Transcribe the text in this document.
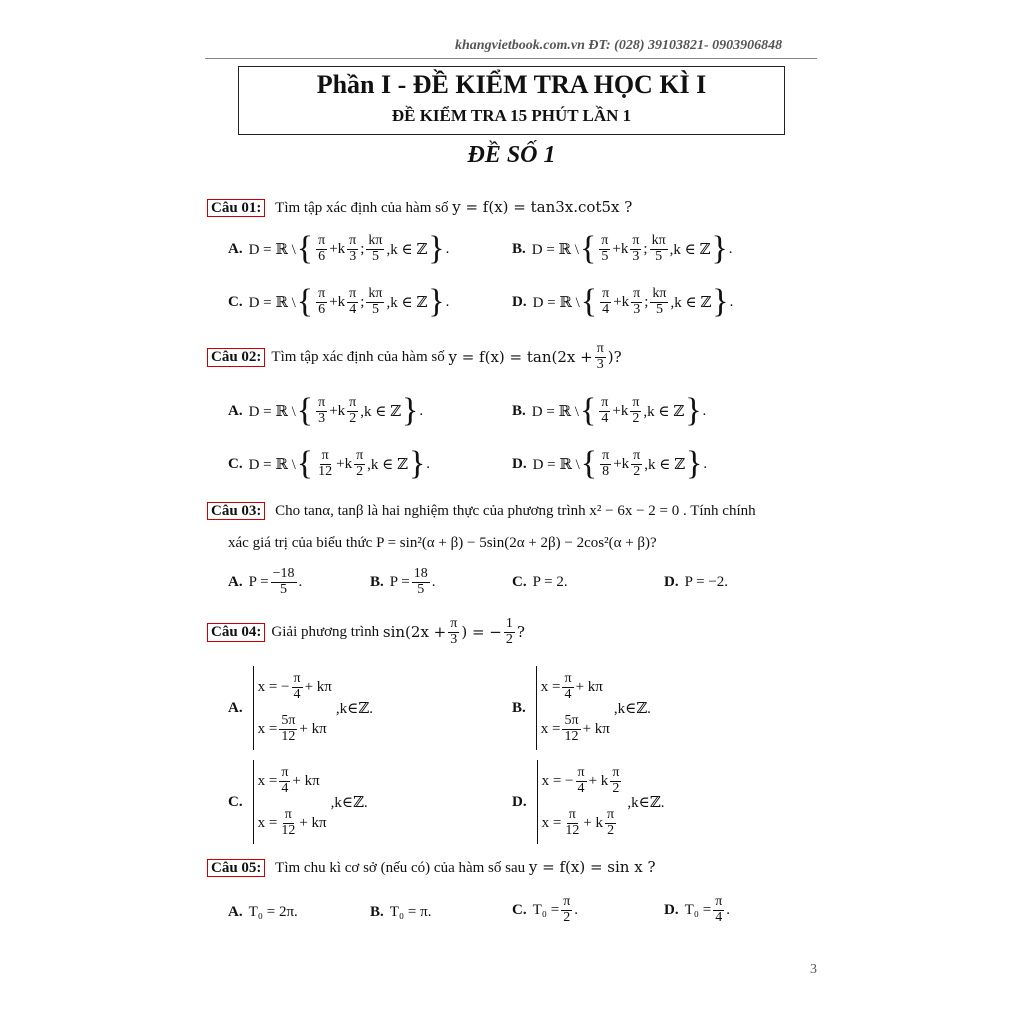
khangvietbook.com.vn ĐT: (028) 39103821- 0903906848
Phần I - ĐỀ KIỂM TRA HỌC KÌ I
ĐỀ KIỂM TRA 15 PHÚT LẦN 1
ĐỀ SỐ 1
Câu 01: Tìm tập xác định của hàm số y = f(x) = tan3x.cot5x ?
A. D = ℝ \ { $\frac{\pi}{6} +k \frac{\pi}{3}$ ; $\frac{k\pi}{5} ,k$ ∈ ℤ } .	B. D = ℝ \ { $\frac{\pi}{5} +k \frac{\pi}{3}$ ; $\frac{k\pi}{5} ,k$ ∈ ℤ } .
C. D = ℝ \ { $\frac{\pi}{6} +k \frac{\pi}{4}$ ; $\frac{k\pi}{5} ,k$ ∈ ℤ } .	D. D = ℝ \ { $\frac{\pi}{4} +k \frac{\pi}{3}$ ; $\frac{k\pi}{5} ,k$ ∈ ℤ } .
Câu 02: Tìm tập xác định của hàm số
$y = f(x) = \tan(2x + \frac{\pi}{3}$ )?
A. D = ℝ \ { $\frac{\pi}{3} +k \frac{\pi}{2} ,k$ ∈ ℤ } .	B. D = ℝ \ { $\frac{\pi}{4} +k \frac{\pi}{2} ,k$ ∈ ℤ } .
C. D = ℝ \ { $\frac{\pi}{12} +k \frac{\pi}{2} ,k$ ∈ ℤ } .	D. D = ℝ \ { $\frac{\pi}{8} +k \frac{\pi}{2} ,k$ ∈ ℤ } .
Câu 03: Cho tanα, tanβ là hai nghiệm thực của phương trình x² − 6x − 2 = 0 . Tính chính
xác giá trị của biểu thức P = sin²(α + β) − 5sin(2α + 2β) − 2cos²(α + β)?
A. $P = \frac{-18}{5}$ .	B. $P = \frac{18}{5}$ .	C. P = 2.	D. P = −2.
Câu 04: Giải phương trình
$\sin(2x + \frac{\pi}{3}$ ) = − $\frac{1}{2}$ ?
A.
x = − $\frac{\pi}{4} + k\pi$
$x = \frac{5\pi}{12} + k\pi$
,k∈ℤ.	B.
$x = \frac{\pi}{4} + k\pi$
$x = \frac{5\pi}{12} + k\pi$
,k∈ℤ.
C.
$x = \frac{\pi}{4} + k\pi$
$x = \frac{\pi}{12} + k\pi$
,k∈ℤ.	D.
x = − $\frac{\pi}{4} + k \frac{\pi}{2}$
$x = \frac{\pi}{12} + k \frac{\pi}{2}$
,k∈ℤ.
Câu 05: Tìm chu kì cơ sở (nếu có) của hàm số sau y = f(x) = sin x ?
A. T₀ = 2π.	B. T₀ = π.	C. $T_0 = \frac{\pi}{2}$ .	D. $T_0 = \frac{\pi}{4}$ .
3
